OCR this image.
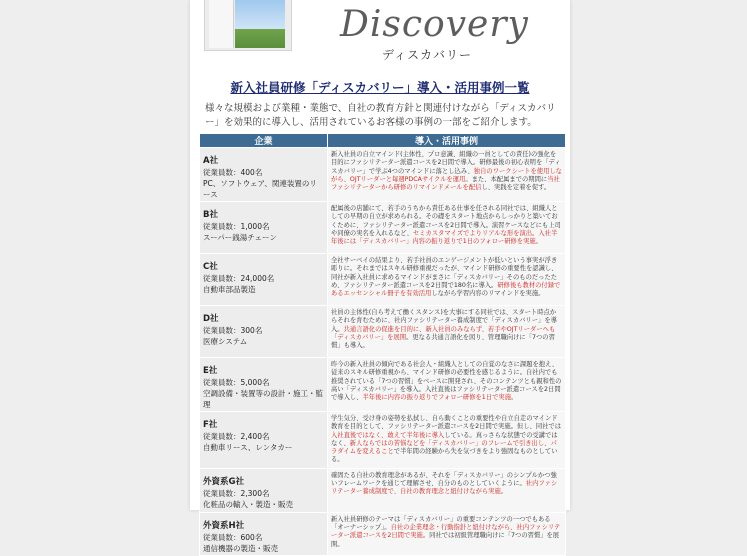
Discovery
ディスカバリー
新入社員研修「ディスカバリー」導入・活用事例一覧
様々な規模および業種・業態で、自社の教育方針と関連付けながら「ディスカバリー」を効果的に導入し、活用されているお客様の事例の一部をご紹介します。
企業	導入・活用事例

A社
従業員数：400名
PC、ソフトウェア、関連装置のリース	新入社員の自立マインド(主体性、プロ意識、組織の一員としての責任)の強化を目的にファシリテーター派遣コースを2日間で導入。研修最後の初心表明を「ディスカバリー」で学ぶ4つのマインドに落とし込み、独自のワークシートを使用しながら、OJTリーダーと毎週PDCAサイクルを運用。また、本配属までの期間に当社ファシリテーターから研修のリマインドメールを配信し、実践を定着を促す。

B社
従業員数：1,000名
スーパー銭湯チェーン	配属後の店舗にて、若手のうちから責任ある仕事を任される同社では、組織人としての早期の自立が求められる。その礎をスタート地点からしっかりと築いておくために、ファシリテーター派遣コースを2日間で導入。演習ケースなどにも上司や同僚の実名を入れるなど、セミカスタマイズでよりリアルな形を演出。入社半年後には「ディスカバリー」内容の振り返りで1日のフォロー研修を実施。

C社
従業員数：24,000名
自動車部品製造	全社サーベイの結果より、若手社員のエンゲージメントが低いという事実が浮き彫りに。それまではスキル研修重視だったが、マインド研修の重要性を認識し、同社が新入社員に求めるマインドがまさに「ディスカバリー」そのものだったため、ファシリテーター派遣コースを2日間で180名に導入。研修後も教材の付録であるエッセンシャル冊子を有効活用しながら学習内容のリマインドを実施。

D社
従業員数：300名
医療システム	社員の主体性(自ら考えて働くスタンス)を大事にする同社では、スタート時点からそれを育むために、社内ファシリテーター養成制度で「ディスカバリー」を導入。共通言語化の促進を目的に、新入社員のみならず、若手やOJTリーダーへも「ディスカバリー」を展開。更なる共通言語化を図り、管理職向けに「7つの習慣」も導入。

E社
従業員数：5,000名
空調設備・装置等の設計・施工・監理	昨今の新入社員の傾向である社会人・組織人としての自覚のなさに課題を抱え、従来のスキル研修重視から、マインド研修の必要性を感じるように。自社内でも推奨されている「7つの習慣」をベースに開発され、そのコンテンツとも親和性の高い「ディスカバリー」を導入。入社直後はファシリテーター派遣コースを2日間で導入し、半年後に内容の振り返りでフォロー研修を1日で実施。

F社
従業員数：2,400名
自動車リース、レンタカー	学生気分、受け身の姿勢を払拭し、自ら動くことの重要性や自立自走のマインド教育を目的として、ファシリテーター派遣コースを2日間で実施。但し、同社では入社直後ではなく、敢えて半年後に導入している。真っさらな状態での受講ではなく、新人ならではの苦悩などを「ディスカバリー」のフレームで引き出し、パラダイムを変えることで半年間の経験から失を気づきをより強固なものとしている。

外資系G社
従業員数：2,300名
化粧品の輸入・製造・販売	確固たる自社の教育理念があるが、それを「ディスカバリー」のシンプルかつ強いフレームワークを通じて理解させ、自分のものとしていくように。社内ファシリテーター養成制度で、自社の教育理念と紐付けながら実施。

外資系H社
従業員数：600名
通信機器の製造・販売	新入社員研修のテーマは「ディスカバリー」の重要コンテンツの一つでもある「オーナーシップ」。自社の企業理念・行動指針と紐付けながら、社内ファシリテーター派遣コースを2日間で実施。同社では初級管理職向けに「7つの習慣」を展開。
